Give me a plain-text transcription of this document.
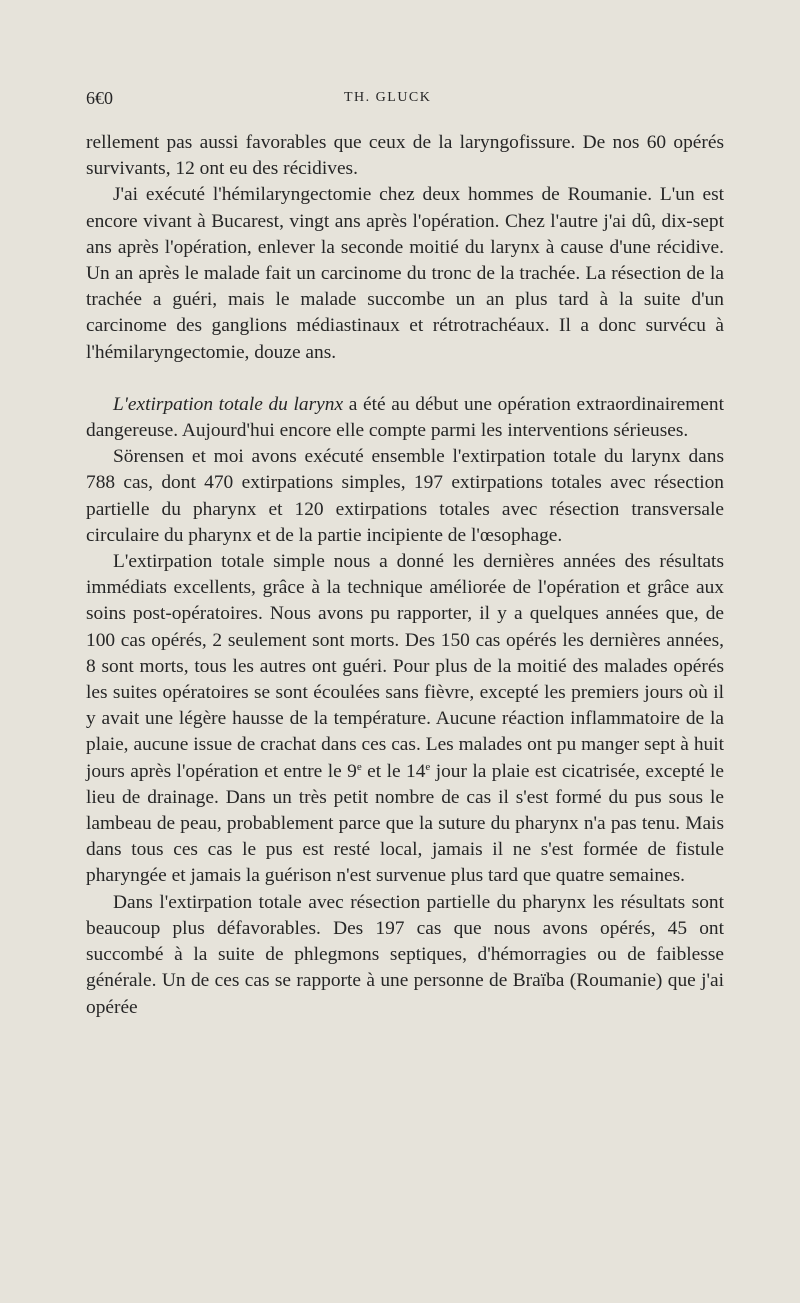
6€0	TH. GLUCK

rellement pas aussi favorables que ceux de la laryngofissure. De nos 60 opérés survivants, 12 ont eu des récidives.

J'ai exécuté l'hémilaryngectomie chez deux hommes de Roumanie. L'un est encore vivant à Bucarest, vingt ans après l'opération. Chez l'autre j'ai dû, dix-sept ans après l'opération, enlever la seconde moitié du larynx à cause d'une récidive. Un an après le malade fait un carcinome du tronc de la trachée. La résection de la trachée a guéri, mais le malade succombe un an plus tard à la suite d'un carcinome des ganglions médiastinaux et rétrotrachéaux. Il a donc survécu à l'hémilaryngectomie, douze ans.

L'extirpation totale du larynx a été au début une opération extraordinairement dangereuse. Aujourd'hui encore elle compte parmi les interventions sérieuses.

Sörensen et moi avons exécuté ensemble l'extirpation totale du larynx dans 788 cas, dont 470 extirpations simples, 197 extirpations totales avec résection partielle du pharynx et 120 extirpations totales avec résection transversale circulaire du pharynx et de la partie incipiente de l'œsophage.

L'extirpation totale simple nous a donné les dernières années des résultats immédiats excellents, grâce à la technique améliorée de l'opération et grâce aux soins post-opératoires. Nous avons pu rapporter, il y a quelques années que, de 100 cas opérés, 2 seulement sont morts. Des 150 cas opérés les dernières années, 8 sont morts, tous les autres ont guéri. Pour plus de la moitié des malades opérés les suites opératoires se sont écoulées sans fièvre, excepté les premiers jours où il y avait une légère hausse de la température. Aucune réaction inflammatoire de la plaie, aucune issue de crachat dans ces cas. Les malades ont pu manger sept à huit jours après l'opération et entre le 9e et le 14e jour la plaie est cicatrisée, excepté le lieu de drainage. Dans un très petit nombre de cas il s'est formé du pus sous le lambeau de peau, probablement parce que la suture du pharynx n'a pas tenu. Mais dans tous ces cas le pus est resté local, jamais il ne s'est formée de fistule pharyngée et jamais la guérison n'est survenue plus tard que quatre semaines.

Dans l'extirpation totale avec résection partielle du pharynx les résultats sont beaucoup plus défavorables. Des 197 cas que nous avons opérés, 45 ont succombé à la suite de phlegmons septiques, d'hémorragies ou de faiblesse générale. Un de ces cas se rapporte à une personne de Braïba (Roumanie) que j'ai opérée
